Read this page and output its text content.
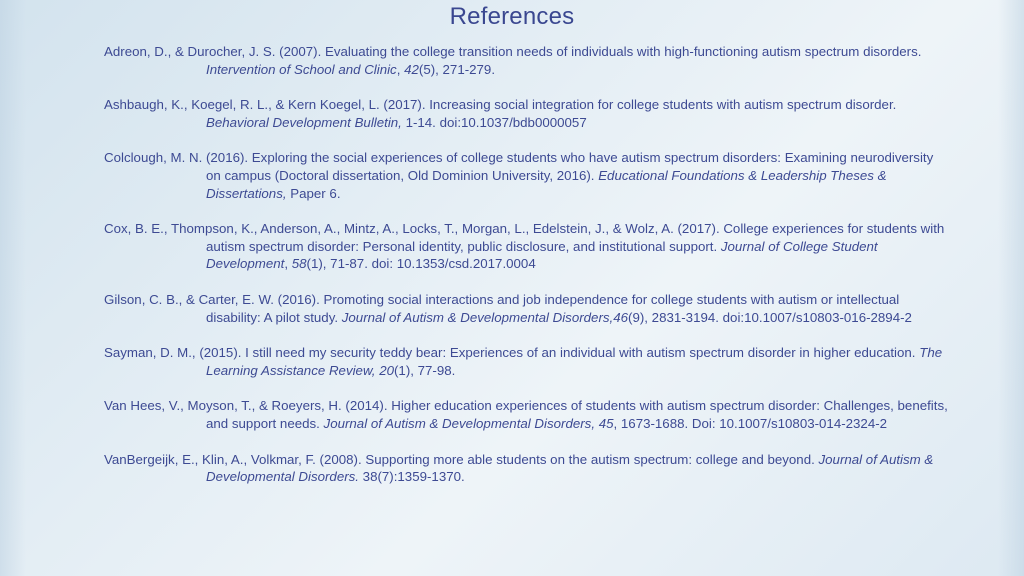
References
Adreon, D., & Durocher, J. S. (2007). Evaluating the college transition needs of individuals with high-functioning autism spectrum disorders. Intervention of School and Clinic, 42(5), 271-279.
Ashbaugh, K., Koegel, R. L., & Kern Koegel, L. (2017). Increasing social integration for college students with autism spectrum disorder. Behavioral Development Bulletin, 1-14. doi:10.1037/bdb0000057
Colclough, M. N. (2016). Exploring the social experiences of college students who have autism spectrum disorders: Examining neurodiversity on campus (Doctoral dissertation, Old Dominion University, 2016). Educational Foundations & Leadership Theses & Dissertations, Paper 6.
Cox, B. E., Thompson, K., Anderson, A., Mintz, A., Locks, T., Morgan, L., Edelstein, J., & Wolz, A. (2017). College experiences for students with autism spectrum disorder: Personal identity, public disclosure, and institutional support. Journal of College Student Development, 58(1), 71-87. doi: 10.1353/csd.2017.0004
Gilson, C. B., & Carter, E. W. (2016). Promoting social interactions and job independence for college students with autism or intellectual disability: A pilot study. Journal of Autism & Developmental Disorders,46(9), 2831-3194. doi:10.1007/s10803-016-2894-2
Sayman, D. M., (2015). I still need my security teddy bear: Experiences of an individual with autism spectrum disorder in higher education. The Learning Assistance Review, 20(1), 77-98.
Van Hees, V., Moyson, T., & Roeyers, H. (2014). Higher education experiences of students with autism spectrum disorder: Challenges, benefits, and support needs. Journal of Autism & Developmental Disorders, 45, 1673-1688. Doi: 10.1007/s10803-014-2324-2
VanBergeijk, E., Klin, A., Volkmar, F. (2008). Supporting more able students on the autism spectrum: college and beyond. Journal of Autism & Developmental Disorders. 38(7):1359-1370.
